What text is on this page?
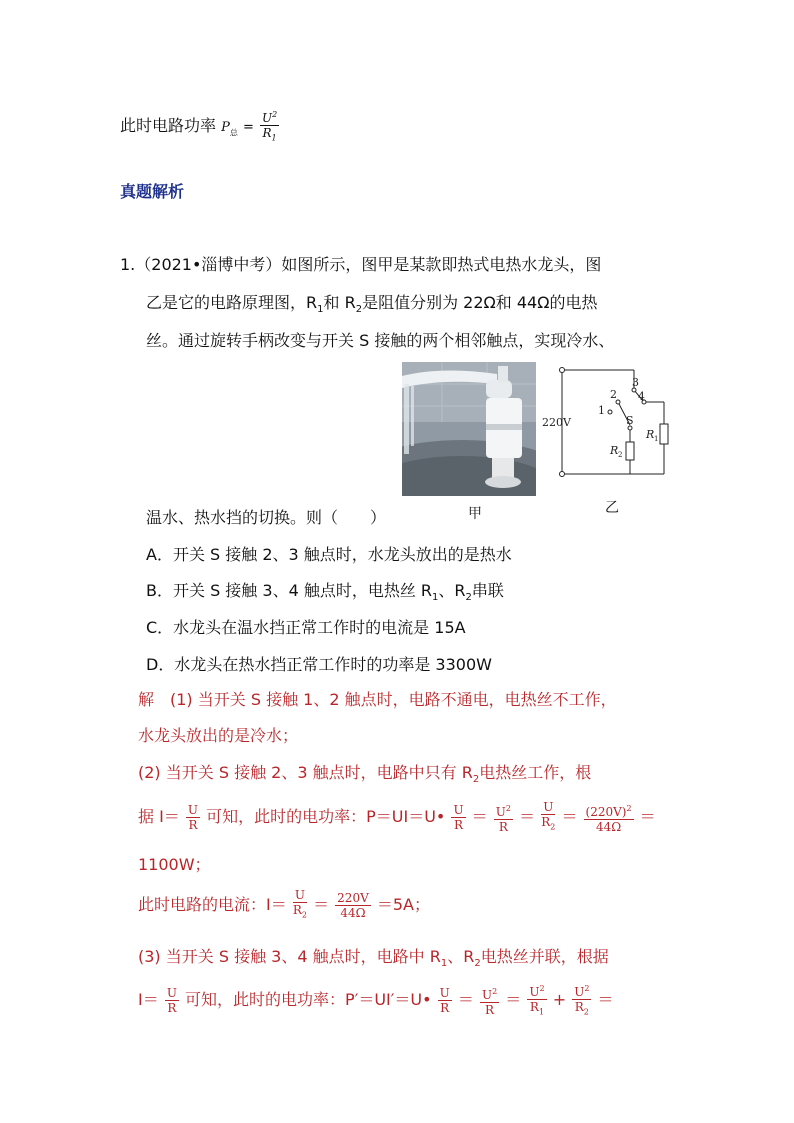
此时电路功率 $P_总 = \frac{U^2}{R_1}$
真题解析
1.（2021•淄博中考）如图所示，图甲是某款即热式电热水龙头，图
乙是它的电路原理图，$R_1$和 $R_2$是阻值分别为 22Ω和 44Ω的电热
丝。通过旋转手柄改变与开关 S 接触的两个相邻触点，实现冷水、
甲
220V
1
2
3
4
S
R 1
R 2
乙
温水、热水挡的切换。则（　　）
A．开关 S 接触 2、3 触点时，水龙头放出的是热水
B．开关 S 接触 3、4 触点时，电热丝 $R_1$、$R_2$串联
C．水龙头在温水挡正常工作时的电流是 15A
D．水龙头在热水挡正常工作时的功率是 3300W
解　(1) 当开关 S 接触 1、2 触点时，电路不通电，电热丝不工作，
水龙头放出的是冷水；
(2) 当开关 S 接触 2、3 触点时，电路中只有 $R_2$电热丝工作，根
据 $I= \frac{U}{R}$ 可知，此时的电功率：P＝UI＝U• $\frac{U}{R} = \frac{U^2}{R} = \frac{U}{R_2} = \frac{(220V)^2}{44\Omega}$ ＝
1100W；
此时电路的电流：$I= \frac{U}{R_2} = \frac{220V}{44\Omega} =5A$；
(3) 当开关 S 接触 3、4 触点时，电路中 $R_1$、$R_2$电热丝并联，根据
$I= \frac{U}{R}$ 可知，此时的电功率：P′＝UI′＝U• $\frac{U}{R} = \frac{U^2}{R} = \frac{U^2}{R_1} + \frac{U^2}{R_2}$ ＝
